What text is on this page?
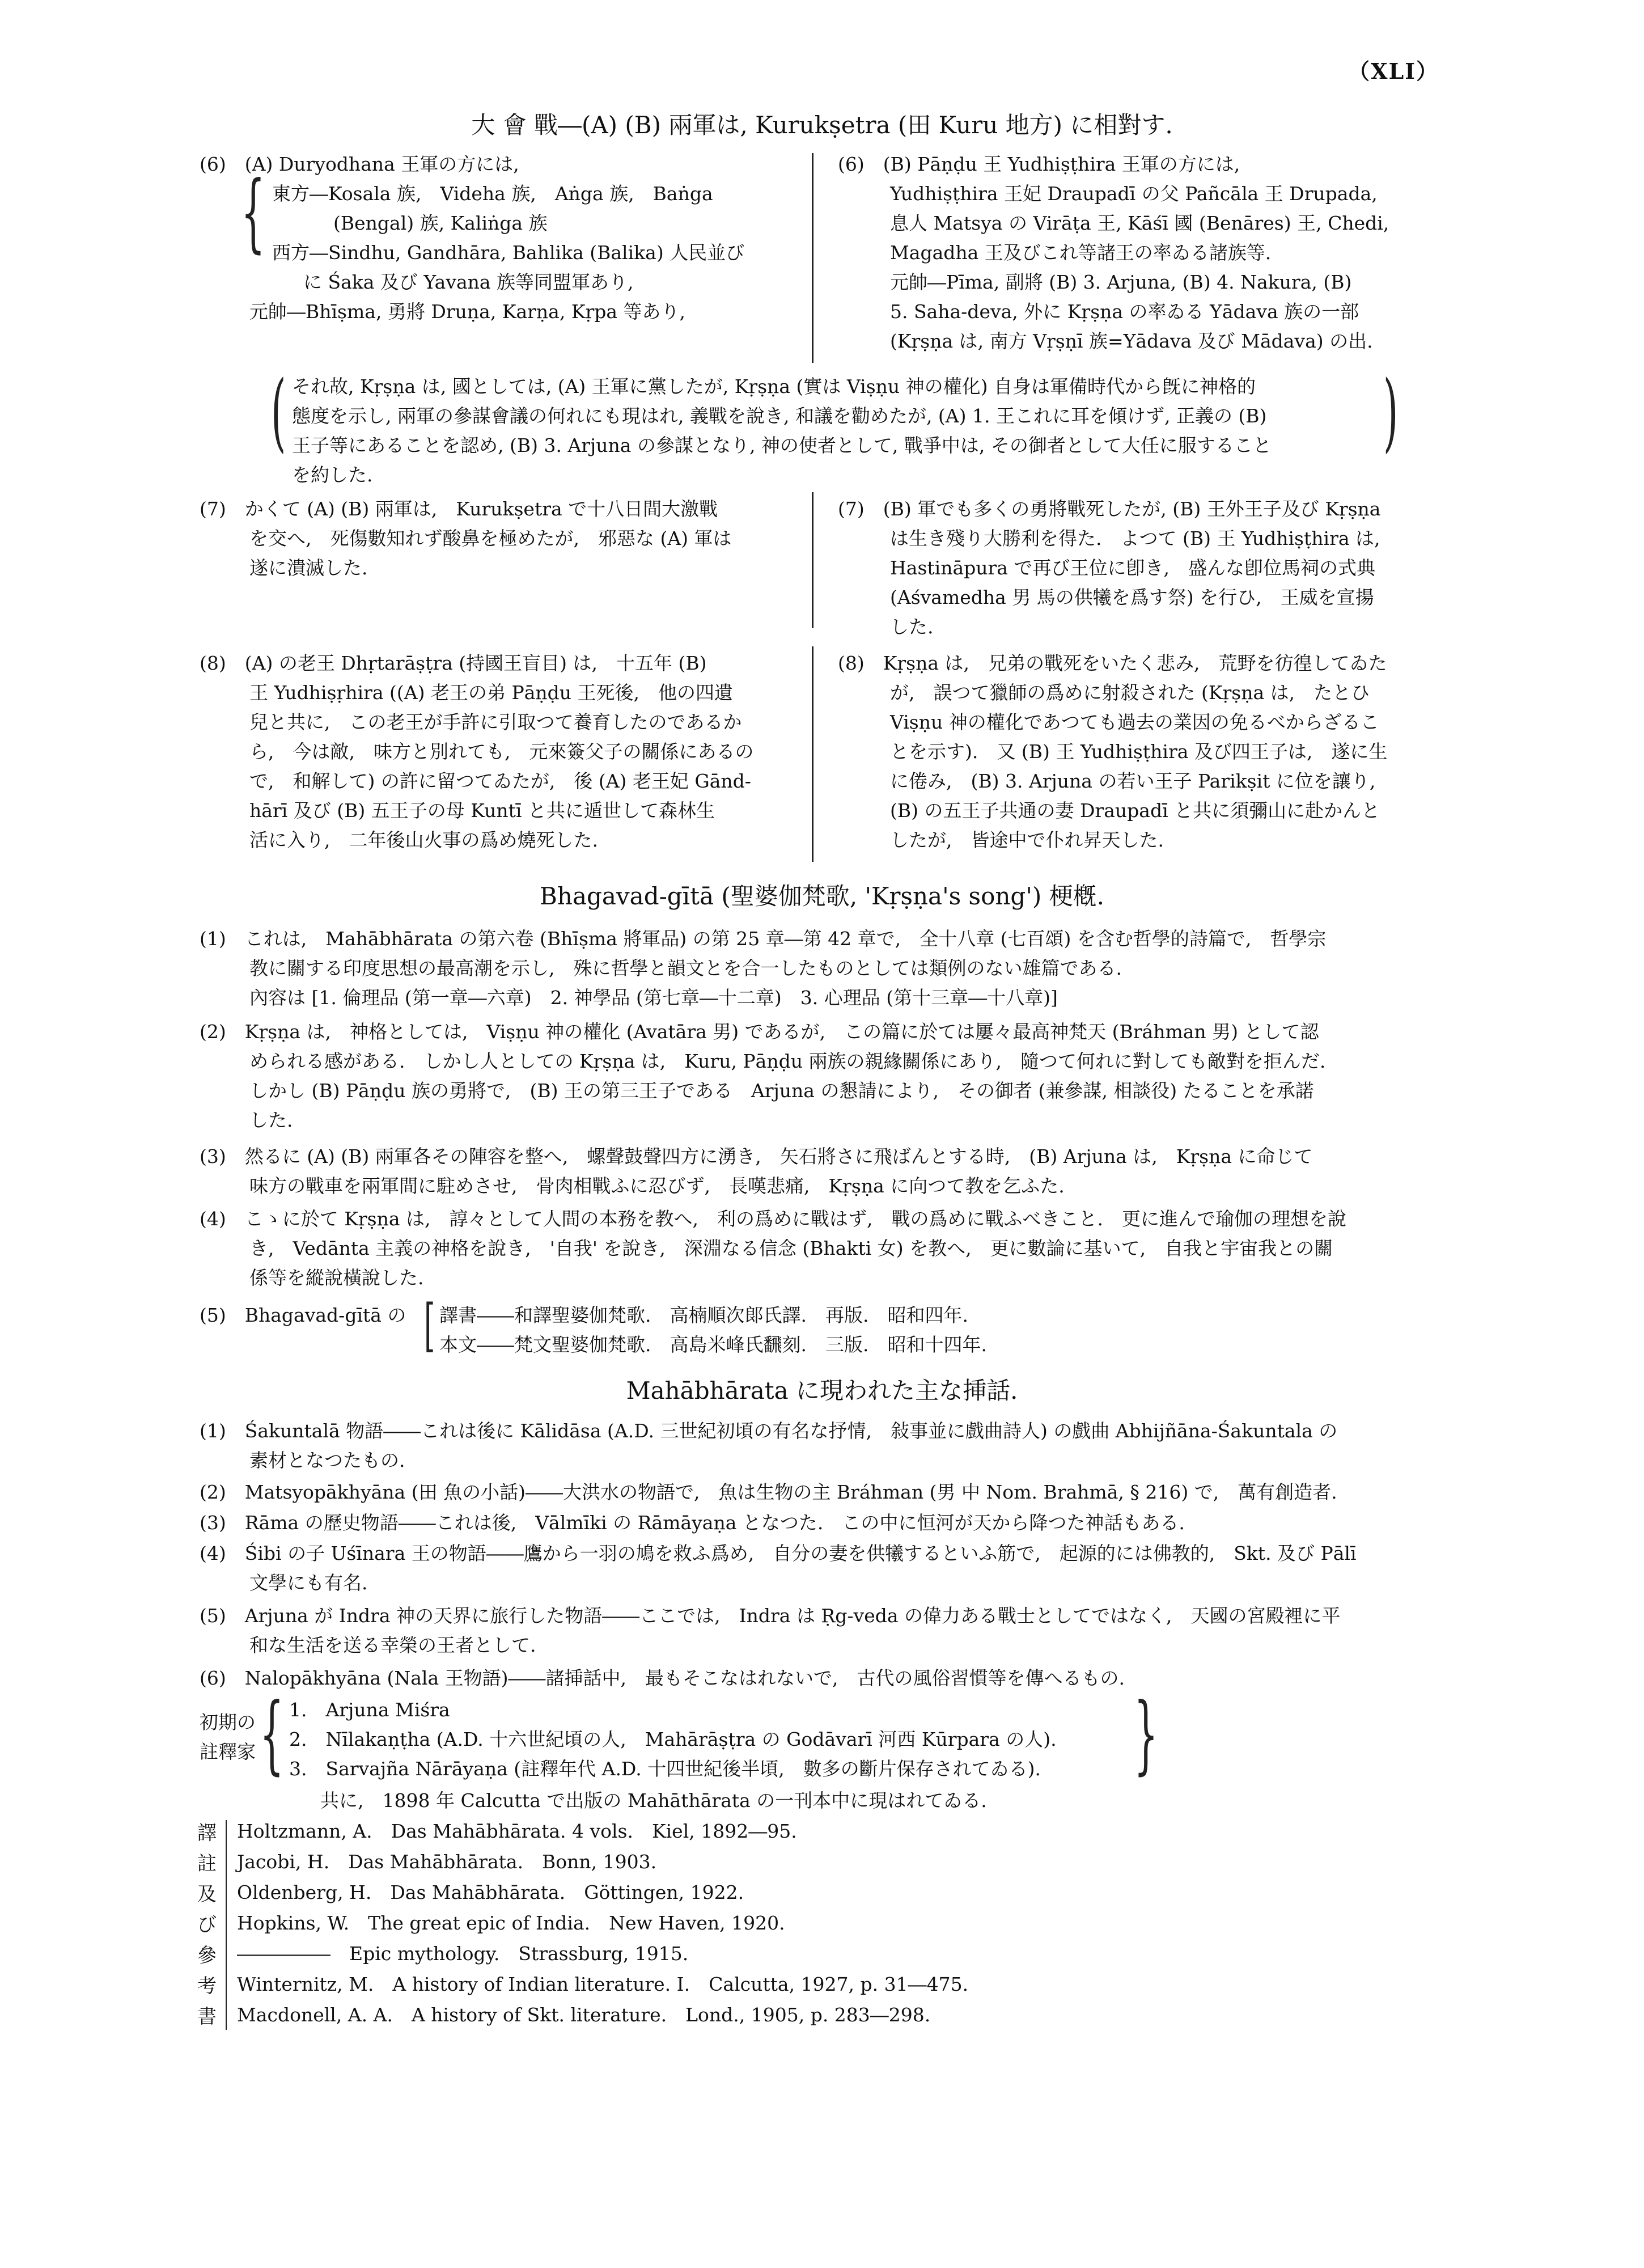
（XLI）
大 會 戰―(A) (B) 兩軍は, Kurukṣetra (田 Kuru 地方) に相對す.
(6)　(A) Duryodhana 王軍の方には,
{ 東方―Kosala 族,　Videha 族,　Aṅga 族,　Baṅga
(Bengal) 族, Kaliṅga 族
西方―Sindhu, Gandhāra, Bahlika (Balika) 人民並び
に Śaka 及び Yavana 族等同盟軍あり,
元帥―Bhīṣma, 勇將 Druṇa, Karṇa, Kṛpa 等あり,
(6)　(B) Pāṇḍu 王 Yudhiṣṭhira 王軍の方には,
Yudhiṣṭhira 王妃 Draupadī の父 Pañcāla 王 Drupada,
息人 Matsya の Virāṭa 王, Kāśī 國 (Benāres) 王, Chedi,
Magadha 王及びこれ等諸王の率ゐる諸族等.
元帥―Pīma, 副將 (B) 3. Arjuna, (B) 4. Nakura, (B)
5. Saha-deva, 外に Kṛṣṇa の率ゐる Yādava 族の一部
(Kṛṣṇa は, 南方 Vṛṣṇī 族=Yādava 及び Mādava) の出.
( それ故, Kṛṣṇa は, 國としては, (A) 王軍に黨したが, Kṛṣṇa (實は Viṣṇu 神の權化) 自身は軍備時代から旣に神格的
態度を示し, 兩軍の參謀會議の何れにも現はれ, 義戰を說き, 和議を勸めたが, (A) 1. 王これに耳を傾けず, 正義の (B)
王子等にあることを認め, (B) 3. Arjuna の參謀となり, 神の使者として, 戰爭中は, その御者として大任に服すること
を約した.
)
(7)　かくて (A) (B) 兩軍は,　Kurukṣetra で十八日間大激戰
を交へ,　死傷數知れず酸鼻を極めたが,　邪惡な (A) 軍は
遂に潰滅した.
(7)　(B) 軍でも多くの勇將戰死したが, (B) 王外王子及び Kṛṣṇa
は生き殘り大勝利を得た.　よつて (B) 王 Yudhiṣṭhira は,
Hastināpura で再び王位に卽き,　盛んな卽位馬祠の式典
(Aśvamedha 男 馬の供犧を爲す祭) を行ひ,　王威を宣揚
した.
(8)　(A) の老王 Dhṛtarāṣṭra (持國王盲目) は,　十五年 (B)
王 Yudhiṣṛhira ((A) 老王の弟 Pāṇḍu 王死後,　他の四遺
兒と共に,　この老王が手許に引取つて養育したのであるか
ら,　今は敵,　味方と別れても,　元來簽父子の關係にあるの
で,　和解して) の許に留つてゐたが,　後 (A) 老王妃 Gānd-
hārī 及び (B) 五王子の母 Kuntī と共に遁世して森林生
活に入り,　二年後山火事の爲め燒死した.
(8)　Kṛṣṇa は,　兄弟の戰死をいたく悲み,　荒野を彷徨してゐた
が,　誤つて獵師の爲めに射殺された (Kṛṣṇa は,　たとひ
Viṣṇu 神の權化であつても過去の業因の免るべからざるこ
とを示す).　又 (B) 王 Yudhiṣṭhira 及び四王子は,　遂に生
に倦み,　(B) 3. Arjuna の若い王子 Parikṣit に位を讓り,
(B) の五王子共通の妻 Draupadī と共に須彌山に赴かんと
したが,　皆途中で仆れ昇天した.
Bhagavad-gītā (聖婆伽梵歌, 'Kṛṣṇa's song') 梗槪.
(1)　これは,　Mahābhārata の第六卷 (Bhīṣma 將軍品) の第 25 章―第 42 章で,　全十八章 (七百頌) を含む哲學的詩篇で,　哲學宗
教に關する印度思想の最高潮を示し,　殊に哲學と韻文とを合一したものとしては類例のない雄篇である.
內容は [1. 倫理品 (第一章―六章)　2. 神學品 (第七章―十二章)　3. 心理品 (第十三章―十八章)]
(2)　Kṛṣṇa は,　神格としては,　Viṣṇu 神の權化 (Avatāra 男) であるが,　この篇に於ては屢々最高神梵天 (Bráhman 男) として認
められる感がある.　しかし人としての Kṛṣṇa は,　Kuru, Pāṇḍu 兩族の親緣關係にあり,　隨つて何れに對しても敵對を拒んだ.
しかし (B) Pāṇḍu 族の勇將で,　(B) 王の第三王子である　Arjuna の懇請により,　その御者 (兼參謀, 相談役) たることを承諾
した.
(3)　然るに (A) (B) 兩軍各その陣容を整へ,　螺聲鼓聲四方に湧き,　矢石將さに飛ばんとする時,　(B) Arjuna は,　Kṛṣṇa に命じて
味方の戰車を兩軍間に駐めさせ,　骨肉相戰ふに忍びず,　長嘆悲痛,　Kṛṣṇa に向つて教を乞ふた.
(4)　こゝに於て Kṛṣṇa は,　諄々として人間の本務を教へ,　利の爲めに戰はず,　戰の爲めに戰ふべきこと.　更に進んで瑜伽の理想を說
き,　Vedānta 主義の神格を說き,　'自我' を說き,　深淵なる信念 (Bhakti 女) を教へ,　更に數論に基いて,　自我と宇宙我との關
係等を縱說橫說した.
(5)　Bhagavad-gītā の [ 譯書――和譯聖婆伽梵歌.　高楠順次郞氏譯.　再版.　昭和四年.
本文――梵文聖婆伽梵歌.　高島米峰氏飜刻.　三版.　昭和十四年.
Mahābhārata に現われた主な挿話.
(1)　Śakuntalā 物語――これは後に Kālidāsa (A.D. 三世紀初頃の有名な抒情,　敍事並に戲曲詩人) の戲曲 Abhijñāna-Śakuntala の
素材となつたもの.
(2)　Matsyopākhyāna (田 魚の小話)――大洪水の物語で,　魚は生物の主 Bráhman (男 中 Nom. Brahmā, § 216) で,　萬有創造者.
(3)　Rāma の歷史物語――これは後,　Vālmīki の Rāmāyaṇa となつた.　この中に恒河が天から降つた神話もある.
(4)　Śibi の子 Uśīnara 王の物語――鷹から一羽の鳩を救ふ爲め,　自分の妻を供犧するといふ筋で,　起源的には佛教的,　Skt. 及び Pālī
文學にも有名.
(5)　Arjuna が Indra 神の天界に旅行した物語――ここでは,　Indra は Ṛg-veda の偉力ある戰士としてではなく,　天國の宮殿裡に平
和な生活を送る幸榮の王者として.
(6)　Nalopākhyāna (Nala 王物語)――諸挿話中,　最もそこなはれないで,　古代の風俗習慣等を傳へるもの.
初期の
註釋家 { 1.　Arjuna Miśra
2.　Nīlakaṇṭha (A.D. 十六世紀頃の人,　Mahārāṣṭra の Godāvarī 河西 Kūrpara の人).
3.　Sarvajña Nārāyaṇa (註釋年代 A.D. 十四世紀後半頃,　數多の斷片保存されてゐる). }
共に,　1898 年 Calcutta で出版の Mahāthārata の一刊本中に現はれてゐる.
譯
註
及
び
參
考
書
Holtzmann, A.　Das Mahābhārata. 4 vols.　Kiel, 1892―95.
Jacobi, H.　Das Mahābhārata.　Bonn, 1903.
Oldenberg, H.　Das Mahābhārata.　Göttingen, 1922.
Hopkins, W.　The great epic of India.　New Haven, 1920.
―――――　Epic mythology.　Strassburg, 1915.
Winternitz, M.　A history of Indian literature. I.　Calcutta, 1927, p. 31―475.
Macdonell, A. A.　A history of Skt. literature.　Lond., 1905, p. 283―298.
